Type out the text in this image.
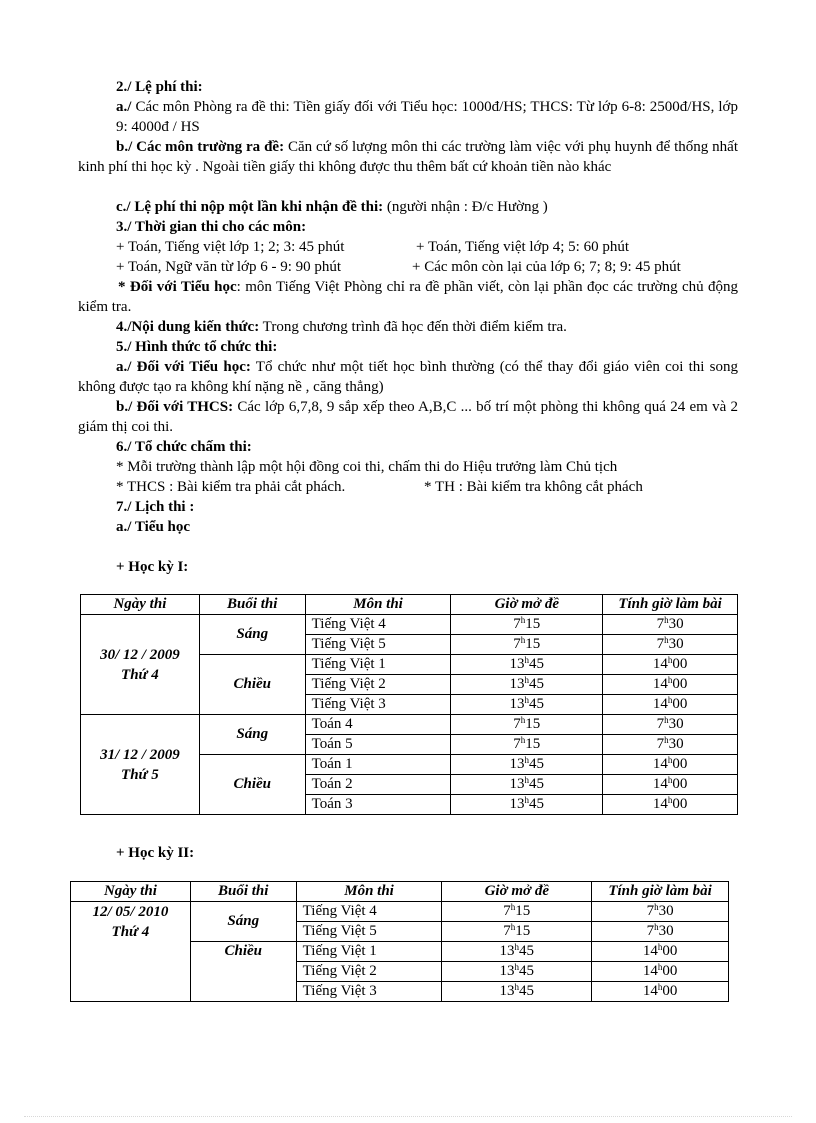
2./ Lệ phí thi:
a./ Các môn Phòng ra đề thi: Tiền giấy đối với Tiểu học: 1000đ/HS; THCS: Từ lớp 6-8: 2500đ/HS, lớp 9: 4000đ / HS
b./ Các môn trường ra đề: Căn cứ số lượng môn thi các trường làm việc với phụ huynh để thống nhất kinh phí thi học kỳ . Ngoài tiền giấy thi không được thu thêm bất cứ khoản tiền nào khác
c./ Lệ phí thi nộp một lần khi nhận đề thi: (người nhận : Đ/c Hường )
3./ Thời gian thi cho các môn:
+ Toán, Tiếng việt lớp 1; 2; 3: 45 phút	+ Toán, Tiếng việt lớp 4; 5: 60 phút
+ Toán, Ngữ văn từ lớp 6 - 9: 90 phút	+ Các môn còn lại của lớp 6; 7; 8; 9: 45 phút
* Đối với Tiểu học: môn Tiếng Việt Phòng chỉ ra đề phần viết, còn lại phần đọc các trường chủ động kiểm tra.
4./Nội dung kiến thức: Trong chương trình đã học đến thời điểm kiểm tra.
5./ Hình thức tổ chức thi:
a./ Đối với Tiểu học: Tổ chức như một tiết học bình thường (có thể thay đổi giáo viên coi thi song không được tạo ra không khí nặng nề , căng thẳng)
b./ Đối với THCS: Các lớp 6,7,8, 9 sắp xếp theo A,B,C ... bố trí một phòng thi không quá 24 em và 2 giám thị coi thi.
6./ Tổ chức chấm thi:
* Mỗi trường thành lập một hội đồng coi thi, chấm thi do Hiệu trưởng làm Chủ tịch
* THCS : Bài kiểm tra phải cắt phách.	* TH : Bài kiểm tra không cắt phách
7./ Lịch thi :
a./ Tiểu học
+ Học kỳ I:
Ngày thi	Buổi thi	Môn thi	Giờ mở đề	Tính giờ làm bài
30/ 12 / 2009
Thứ 4	Sáng	Tiếng Việt 4	7$^h$15	7$^h$30
		Tiếng Việt 5	7$^h$15	7$^h$30
	Chiều	Tiếng Việt 1	13$^h$45	14$^h$00
		Tiếng Việt 2	13$^h$45	14$^h$00
		Tiếng Việt 3	13$^h$45	14$^h$00
31/ 12 / 2009
Thứ 5	Sáng	Toán 4	7$^h$15	7$^h$30
		Toán 5	7$^h$15	7$^h$30
	Chiều	Toán 1	13$^h$45	14$^h$00
		Toán 2	13$^h$45	14$^h$00
		Toán 3	13$^h$45	$14^h00$
+ Học kỳ II:
Ngày thi	Buổi thi	Môn thi	Giờ mở đề	Tính giờ làm bài
12/ 05/ 2010
Thứ 4	Sáng	Tiếng Việt 4	7$^h$15	7$^h$30
		Tiếng Việt 5	7$^h$15	7$^h$30
	Chiều	Tiếng Việt 1	13$^h$45	14$^h$00
		Tiếng Việt 2	13$^h$45	14$^h$00
		Tiếng Việt 3	13$^h$45	14$^h$00
